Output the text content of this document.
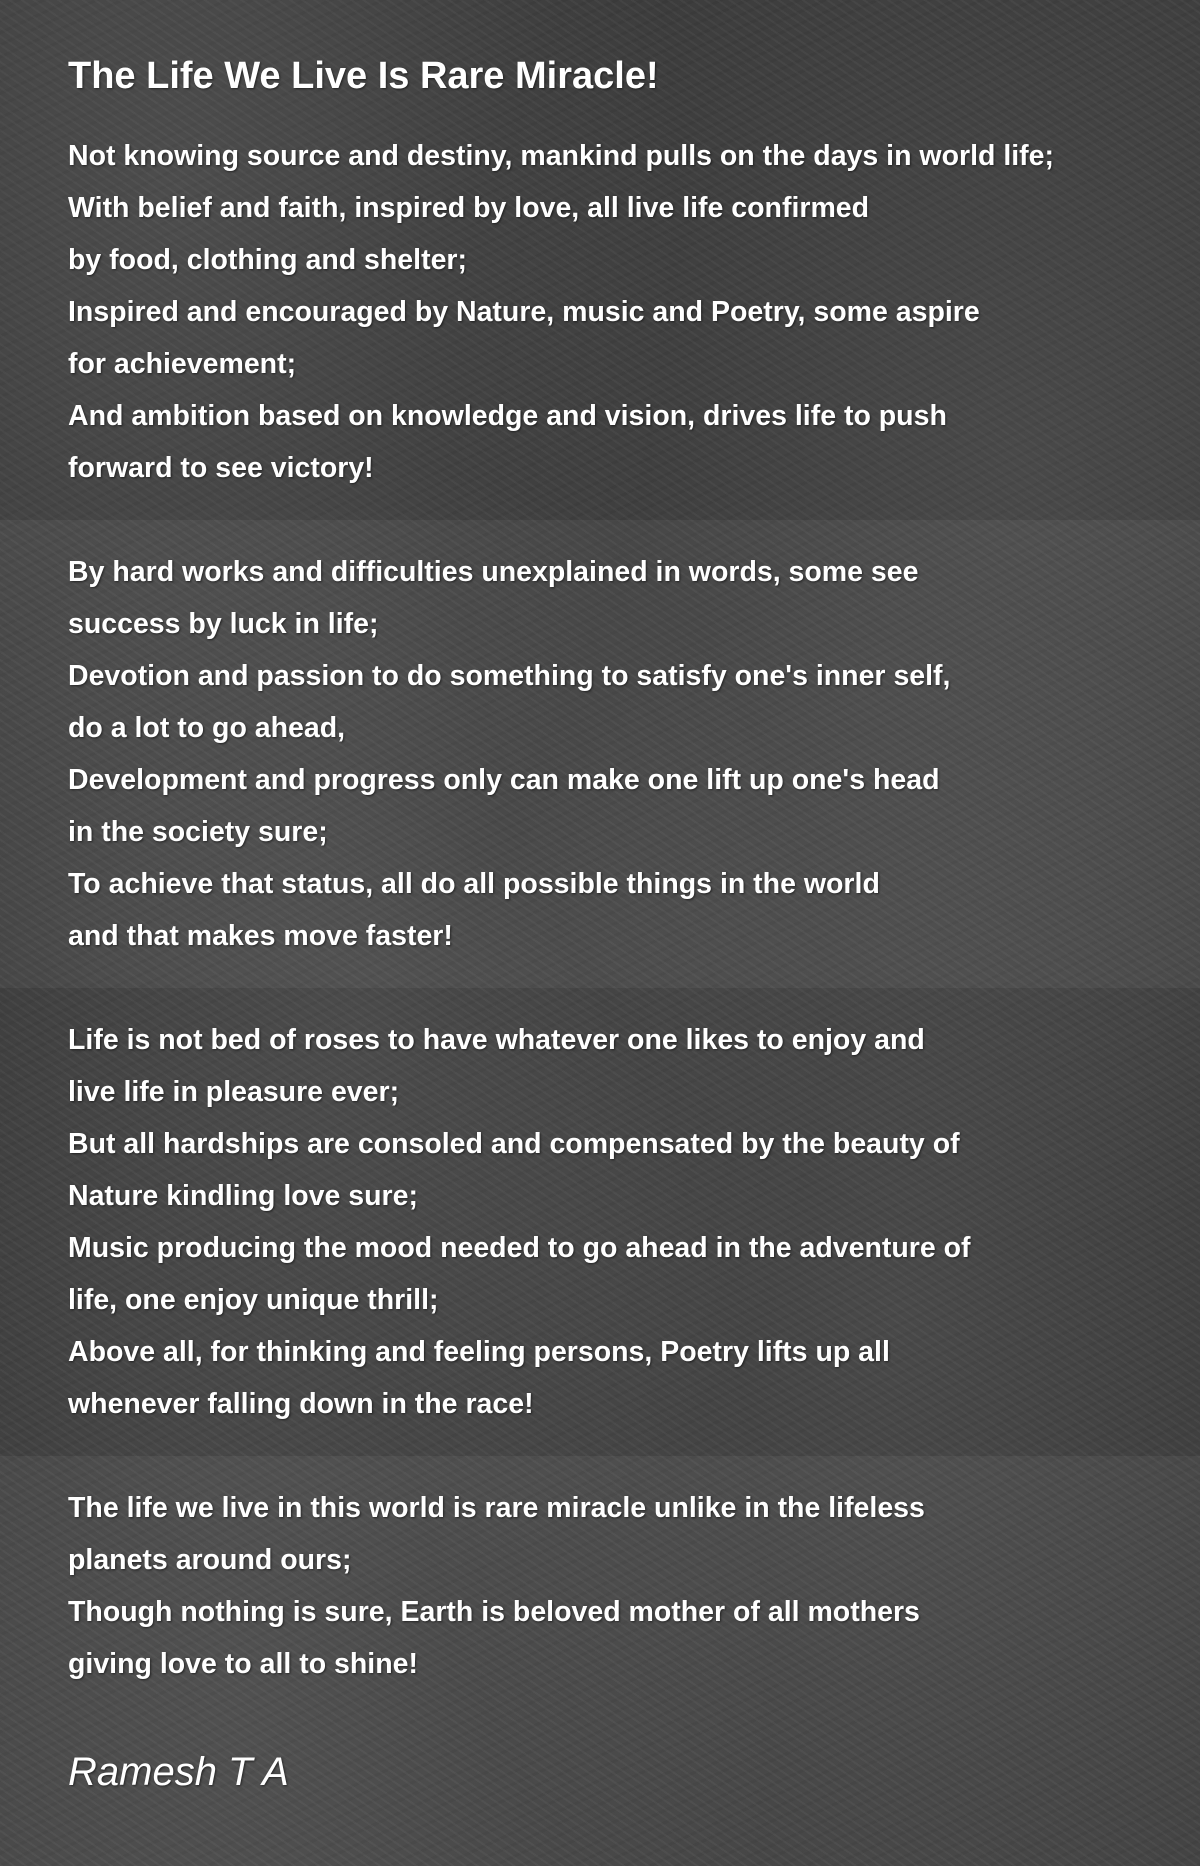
The Life We Live Is Rare Miracle!
Not knowing source and destiny, mankind pulls on the days in world life;
With belief and faith, inspired by love, all live life confirmed
by food, clothing and shelter;
Inspired and encouraged by Nature, music and Poetry, some aspire
for achievement;
And ambition based on knowledge and vision, drives life to push
forward to see victory!
By hard works and difficulties unexplained in words, some see
success by luck in life;
Devotion and passion to do something to satisfy one's inner self,
do a lot to go ahead,
Development and progress only can make one lift up one's head
in the society sure;
To achieve that status, all do all possible things in the world
and that makes move faster!
Life is not bed of roses to have whatever one likes to enjoy and
live life in pleasure ever;
But all hardships are consoled and compensated by the beauty of
Nature kindling love sure;
Music producing the mood needed to go ahead in the adventure of
life, one enjoy unique thrill;
Above all, for thinking and feeling persons, Poetry lifts up all
whenever falling down in the race!
The life we live in this world is rare miracle unlike in the lifeless
planets around ours;
Though nothing is sure, Earth is beloved mother of all mothers
giving love to all to shine!
Ramesh T A
